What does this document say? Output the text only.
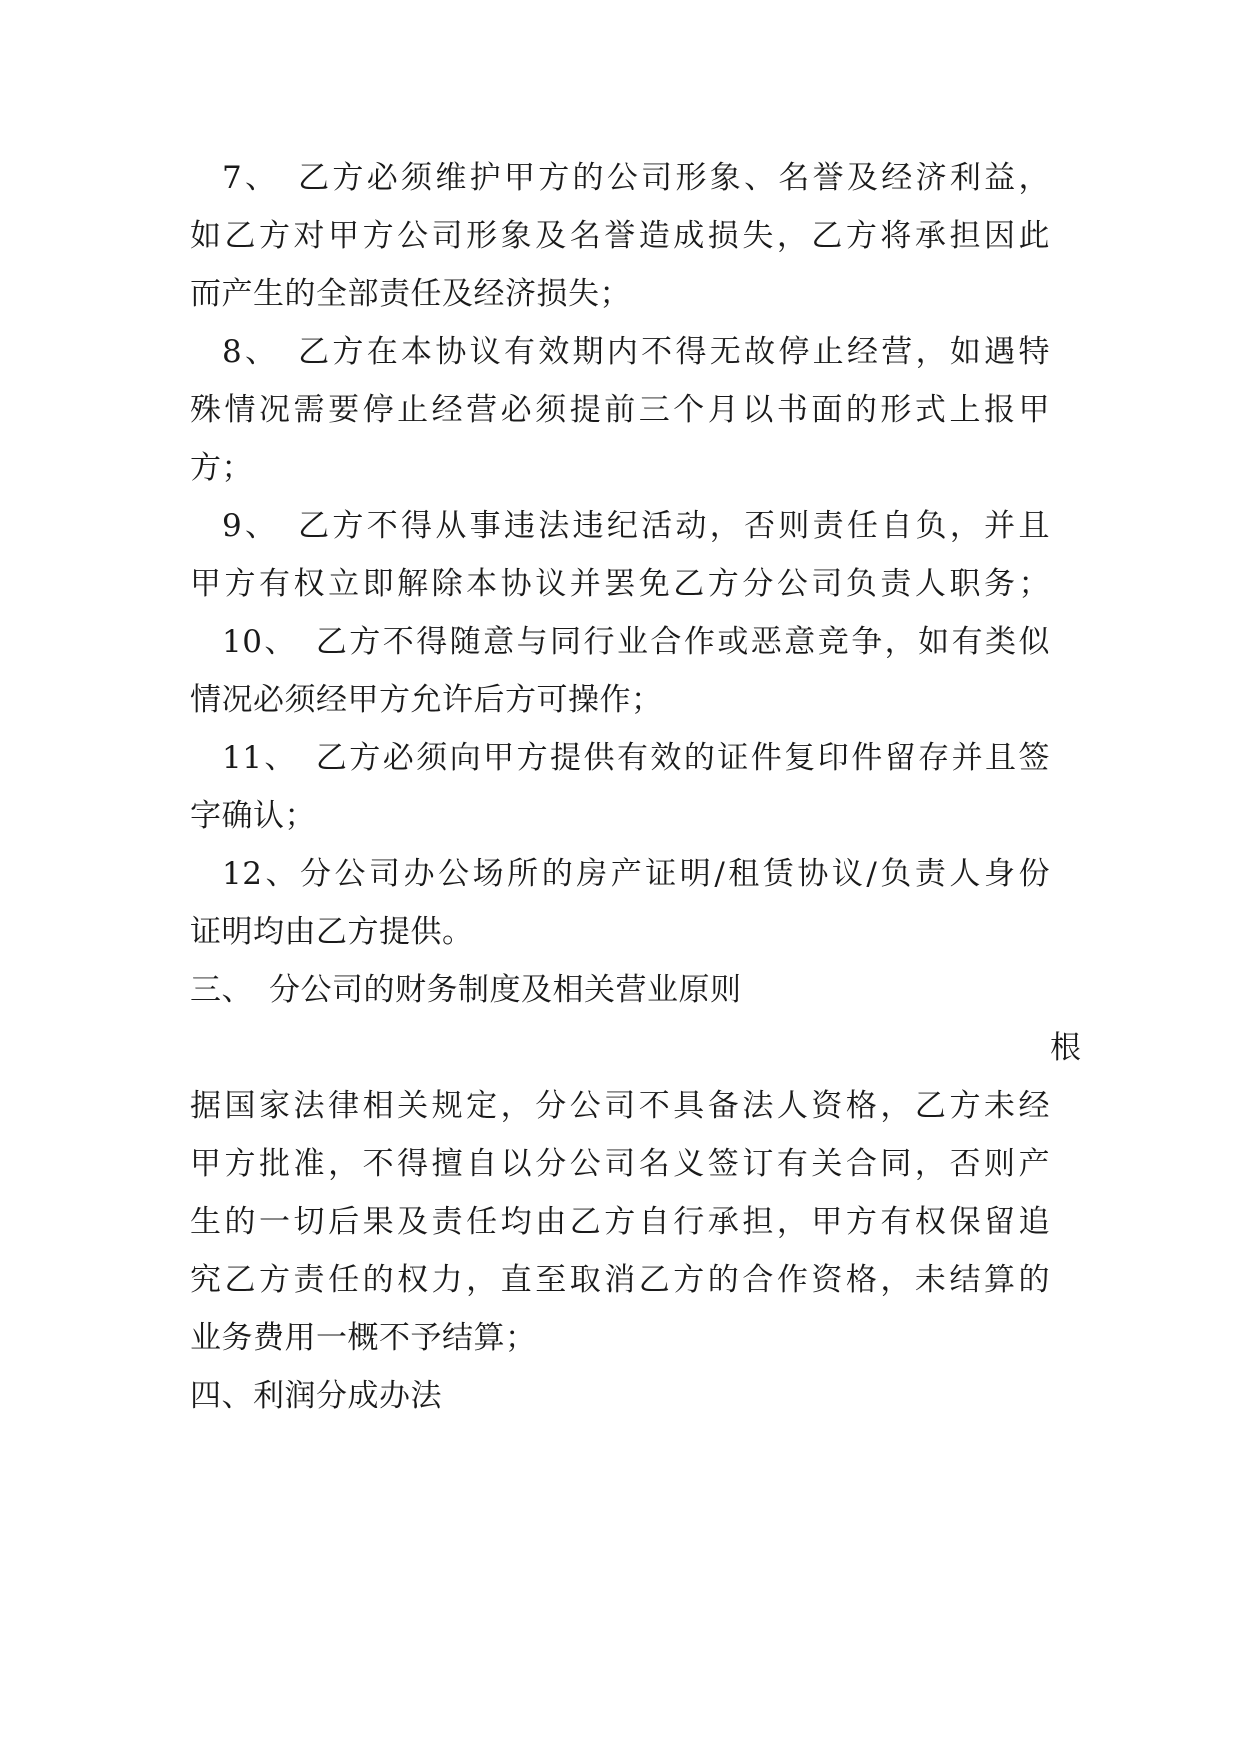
7、　乙方必须维护甲方的公司形象、名誉及经济利益，
如乙方对甲方公司形象及名誉造成损失，乙方将承担因此
而产生的全部责任及经济损失；
8、　乙方在本协议有效期内不得无故停止经营，如遇特
殊情况需要停止经营必须提前三个月以书面的形式上报甲
方；
9、　乙方不得从事违法违纪活动，否则责任自负，并且
甲方有权立即解除本协议并罢免乙方分公司负责人职务；
10、　乙方不得随意与同行业合作或恶意竞争，如有类似
情况必须经甲方允许后方可操作；
11、　乙方必须向甲方提供有效的证件复印件留存并且签
字确认；
12、分公司办公场所的房产证明/租赁协议/负责人身份
证明均由乙方提供。
三、　分公司的财务制度及相关营业原则
根
据国家法律相关规定，分公司不具备法人资格，乙方未经
甲方批准，不得擅自以分公司名义签订有关合同，否则产
生的一切后果及责任均由乙方自行承担，甲方有权保留追
究乙方责任的权力，直至取消乙方的合作资格，未结算的
业务费用一概不予结算；
四、利润分成办法
